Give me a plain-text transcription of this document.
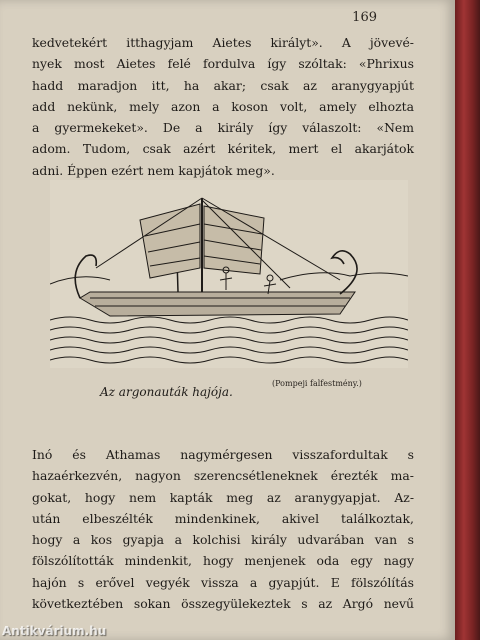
169

kedvetekért itthagyjam Aietes királyt». A jövevé-
nyek most Aietes felé fordulva így szóltak: «Phrixus
hadd maradjon itt, ha akar; csak az aranygyapjút
add nekünk, mely azon a koson volt, amely elhozta
a gyermekeket». De a király így válaszolt: «Nem
adom. Tudom, csak azért kéritek, mert el akarjátok
adni. Éppen ezért nem kapjátok meg».

(Pompeji falfestmény.)
Az argonauták hajója.

Inó és Athamas nagymérgesen visszafordultak s
hazaérkezvén, nagyon szerencsétleneknek érezték ma-
gokat, hogy nem kapták meg az aranygyapjat. Az-
után elbeszélték mindenkinek, akivel találkoztak,
hogy a kos gyapja a kolchisi király udvarában van s
fölszólították mindenkit, hogy menjenek oda egy nagy
hajón s erővel vegyék vissza a gyapjút. E fölszólítás
következtében sokan összegyülekeztek s az Argó nevű

Antikvárium.hu
